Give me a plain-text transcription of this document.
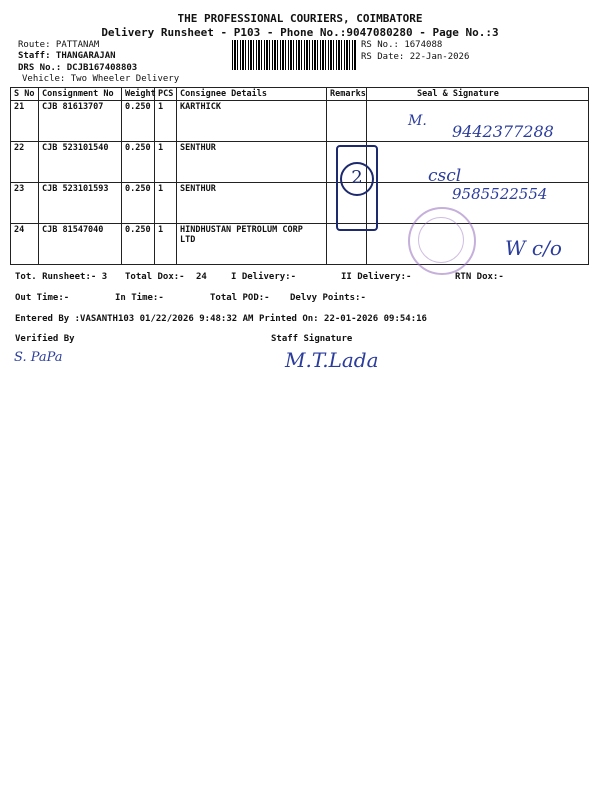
THE PROFESSIONAL COURIERS, COIMBATORE
Delivery Runsheet - P103 - Phone No.:9047080280 - Page No.:3
Route: PATTANAM
Staff: THANGARAJAN
DRS No.: DCJB167408803
Vehicle: Two Wheeler Delivery
RS No.: 1674088
RS Date: 22-Jan-2026
S No	Consignment No	Weight	PCS	Consignee Details	Remarks	Seal & Signature
21	CJB 81613707	0.250	1	KARTHICK		
22	CJB 523101540	0.250	1	SENTHUR		
23	CJB 523101593	0.250	1	SENTHUR		
24	CJB 81547040	0.250	1	HINDHUSTAN PETROLUM CORP LTD		
2
M.
9442377288
cscl
9585522554
W c/o
Tot. Runsheet:- 3 Total Dox:- 24	I Delivery:-	II Delivery:-	RTN Dox:-
Out Time:-	In Time:-	Total POD:- Delvy Points:-
Entered By :VASANTH103 01/22/2026 9:48:32 AM Printed On: 22-01-2026 09:54:16
Verified By	Staff Signature
S. PaPa	M.T.Lada
